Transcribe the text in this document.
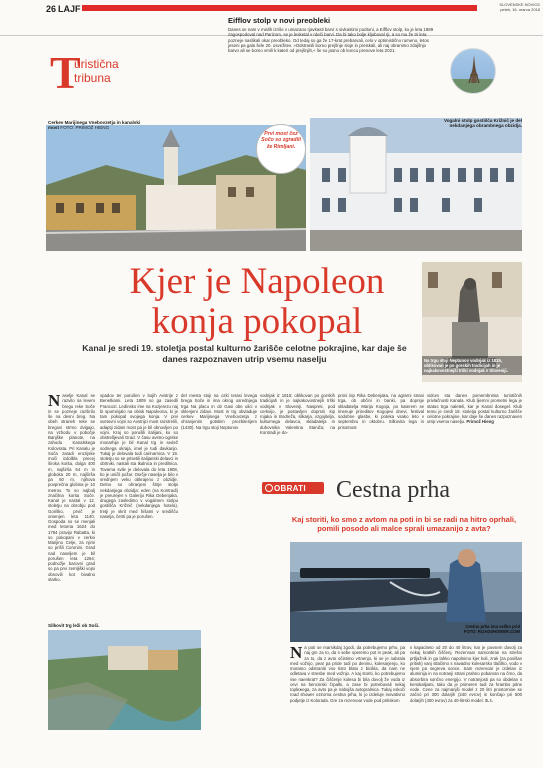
26 LAJF	SLOVENSKE NOVICE
petek, 16. marca 2018
Eifflov stolp v novi preobleki

Danes se nam v mislih izriše v umazano rjavkasti barvi s sivkastimi podtoni, a Eifflov stolp, ko je leta 1889 zagospodoval nad Parizom, se je lesketal v rdeči barvi. Da bi tako bolje kljuboval rji, a so mu že tri leta pozneje naslikali okar preobleko. Od tedaj so ga že 17-krat prebarvali, celo v optimistično rumeno, letos jeseni pa gala šele 20. osvežitev. »Odstranili bomo prejšnje sloje in preiskali, ali naj obranimo zdajšnjo barvo ali se bomo vrnili k kateri od prejšnjih,« še so jasno ob koncu prenove leta 2021.

T
uristična
tribuna
Cerkev Marijinega Vnebovzetja in kanalski most FOTO: PRIMOŽ HIENG
Prvi most čez Sočo so zgradili že Rimljani.
Vogalni stolp gostišča Križnič je del nekdanjega obrambnega obzidja.
Kjer je Napoleon
konja pokopal
Kanal je sredi 19. stoletja postal kulturno žarišče celotne pokrajine, kar daje še danes razpoznaven utrip vsemu naselju	Na trgu stoji Neptunov vodnjak iz 1815, oblikovan je po gorskih tradicijah in je najkakovostnejši trški vodnjak v Sloveniji.
Naselje Kanal se razvilo na levem bregu reke Soče in se pozneje razširilo še na desni breg. Na obeh straneh reke se bregovi strmo dvigajo, na vzhodu v pobočje Banjške planote, na zahodu Kanalskega Kolovrata. Pri Kanalu je Soča zaradi erozijske moči izdolbla precej široka korita, dolga 400 m, najširša 54 m in globoka 20 m, najširša pa 60 m, njihova povprečna globina je 10 metrov. To so najbolj značilna korita Soče. Kanal je nastal v 12. stoletju na obrobju pod Goriško, prvič je omenjen leta 1140. Gospoda so se menjali med letoma 1624 do 1794 pravijo Rabatta, ki so pokopani v cerkvi Marijino Celje, za njimi so prišli Coronini. Grad nad naseljem je bil porušen leta 1264; podnožje barovni grad so pa prvi zemljiški vojni obnovili kot bivalno starko.
vpadov ter porušen v bojih Avstrije z Benetkami. Leta 1809 so ga zasedli Francozi. Ledinsko ime na Kozjerezu naj bi spominjalo na obisk Napoleona, ki je tam pokopal svojega konja. V prvi svetovni vojni so Avstrijci most razstrelili, adaptji zidani most pa je bil obnovljen po vojni. Kraj so porušili italijani, ko so obstrelljevali Grad. V času avstro-ogrske monarhije je bil Kanal trg in sedež sodnega okraja, imel je tudi davkarijo. Tukaj je delovala tudi carinarnica. V 19. stoletju so se prisetili italijanski delavci in obrtniki, nastali sta tkalnica in predilnica. Tovarna svile je delovala do leta 1908, ko je uničil požar. Osrčje naselja je bilo v srednjem veku obkrajeno z obzidje. Delno so ohranjeni štirje stolpi nekdanjega obzidja: eden (na Kontradi) je preurejen v Galerijo Rika Debenjaka, drugega zasledimo v vogalnem stolpu gostišča Križnič (nekdanjega hotela), tretji je skrit med hišami v središču naselja, četrti pa je porušen.
del mesta stoji na ozki terasi levega brega Soče in ima okrog osrednjega trga Na placu in ob Gasi obe ulici v sklenjeni zidavi. Most in trg obvladuje cerkev Marijinega Vnebovzetja z ohranjenim gotskim prezbiterijem (1430). Na trgu stoji Neptunov
vodnjak iz 1815; oblikovan po gorskih tradicijah in je najkakovostnejši trški vodnjak v Sloveniji. Naspreti, pod cerkvijo, je postavljen doprsni kip rojaka in Bodreža, slikarja, vzgojitelja, kulturnega delavca, skladatelja in duhovnika Valentina Staniča; na Kontradi je do-
prsni kip Rika Debenjaka, na agrarni strani trga, ob občini in banki, pa doprsje skladatelja Marija Kogoja, po katerem se imenuje prireditev Kogojevi dnevi, festival sodobne glasbe, ki poteka vsako leto v septembru in oktobru. Silkovita lega in prisotnost
vidcev sta danes pomembnima turističnih privlačnosti Kanala. Klub ljiemni prometni lega je status trga naleteli, kar je Kanal dosegel. Klub temu je sredi 19. stoletja postal kulturno žarišče celotne pokrajine, kar daje še danes razpoznaven utrip vsemu naselju. Primož Hieng
Silkovit trg leži ob Soči.
OBRATI Cestna prha
Kaj storiti, ko smo z avtom na poti in bi se radi na hitro oprhali, pomili posodo ali malce sprali umazanijo z avta?
Cestna prha ima veliko prid
FOTO: ROADSHOWER.COM
Na poti se marsikdaj zgodi, da potrebujemo prho, pa naj gre za to, da s sebe speremo pot in peak, ali pa za to, da z avto očistimo vrtnenjo, ki se je nabrala med vožnjo, pear pa pride tudi po deninu, kolesarjenju, ko moramo odstraniti vso tisto blato z biciklа, da nam ne odletava v stresbe med vožnjo. A kaj storiti, ko potrebujemo vse naenkrat? Za čiščenje kolesa bi bila dovolj že voda iz cevi na bencinski črpalki, a zase bi potrebovali nekaj topleжega, za avto pa je nabojša avtopralnica. Tukaj vskoči road shower oziroma cestna prha, ki jo izdeluje inovativno podjetje iz Kolorada. Gre za rezervoar vode pod pritiskom
s kapaciteto od 20 do 40 litrov, kar je povsem dovolj za nekaj kratkih čiščenj. Rezervoar namontiran na strešni prtljažnik in ga lahko napolnimo kjer koli, zrak (za povišan pritisk) vanj stlačimo s navadno kolesarsko tlačilko, vodo v njem pa segreva sonce. Sam rezervoar je izdelan iz aluminija in na notranji strani prahno pobarvan na črno, da absorbira sončno energijo. V notranjosti pa so obdelan s kemikalijami, tako da je primeren tudi za hrambo pitne vode. Cene za najmanjši model z 20 litri prostornine se začnó pri 300 dolarjih (240 evrov) in končajo pri 500 dolarjih (400 evrov) za 40-litrski model. S. I.
